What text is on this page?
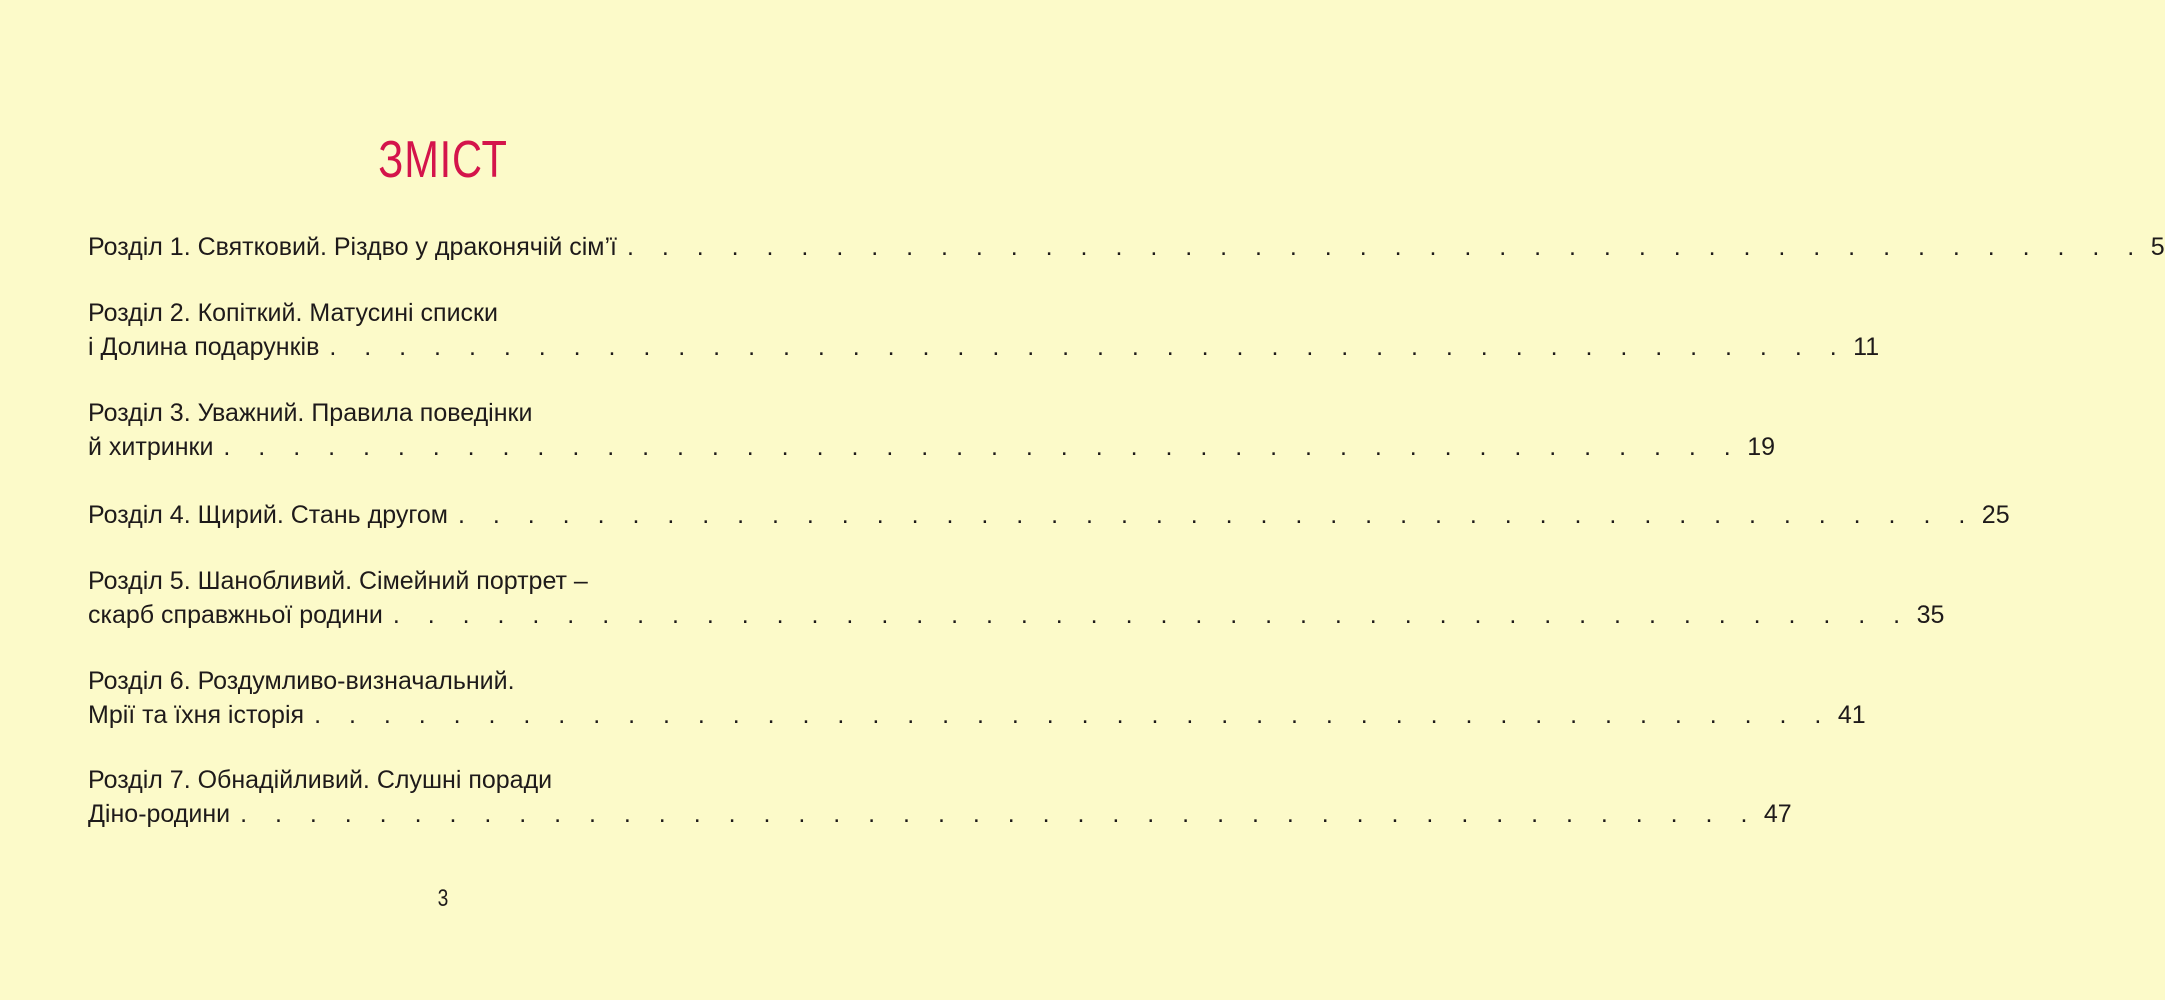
ЗМІСТ
Розділ 1. Святковий. Різдво у драконячій сім’ї . . . . . . . . . . . . . . . . . . . . . . . . . . . . . . . . . . . . . . . . . . . . 5
Розділ 2. Копіткий. Матусині списки
і Долина подарунків . . . . . . . . . . . . . . . . . . . . . . . . . . . . . . . . . . . . . . . . . . . . 11
Розділ 3. Уважний. Правила поведінки
й хитринки . . . . . . . . . . . . . . . . . . . . . . . . . . . . . . . . . . . . . . . . . . . . 19
Розділ 4. Щирий. Стань другом . . . . . . . . . . . . . . . . . . . . . . . . . . . . . . . . . . . . . . . . . . . . 25
Розділ 5. Шанобливий. Сімейний портрет –
скарб справжньої родини . . . . . . . . . . . . . . . . . . . . . . . . . . . . . . . . . . . . . . . . . . . . 35
Розділ 6. Роздумливо-визначальний.
Мрії та їхня історія . . . . . . . . . . . . . . . . . . . . . . . . . . . . . . . . . . . . . . . . . . . . 41
Розділ 7. Обнадійливий. Слушні поради
Діно-родини . . . . . . . . . . . . . . . . . . . . . . . . . . . . . . . . . . . . . . . . . . . . 47
3
